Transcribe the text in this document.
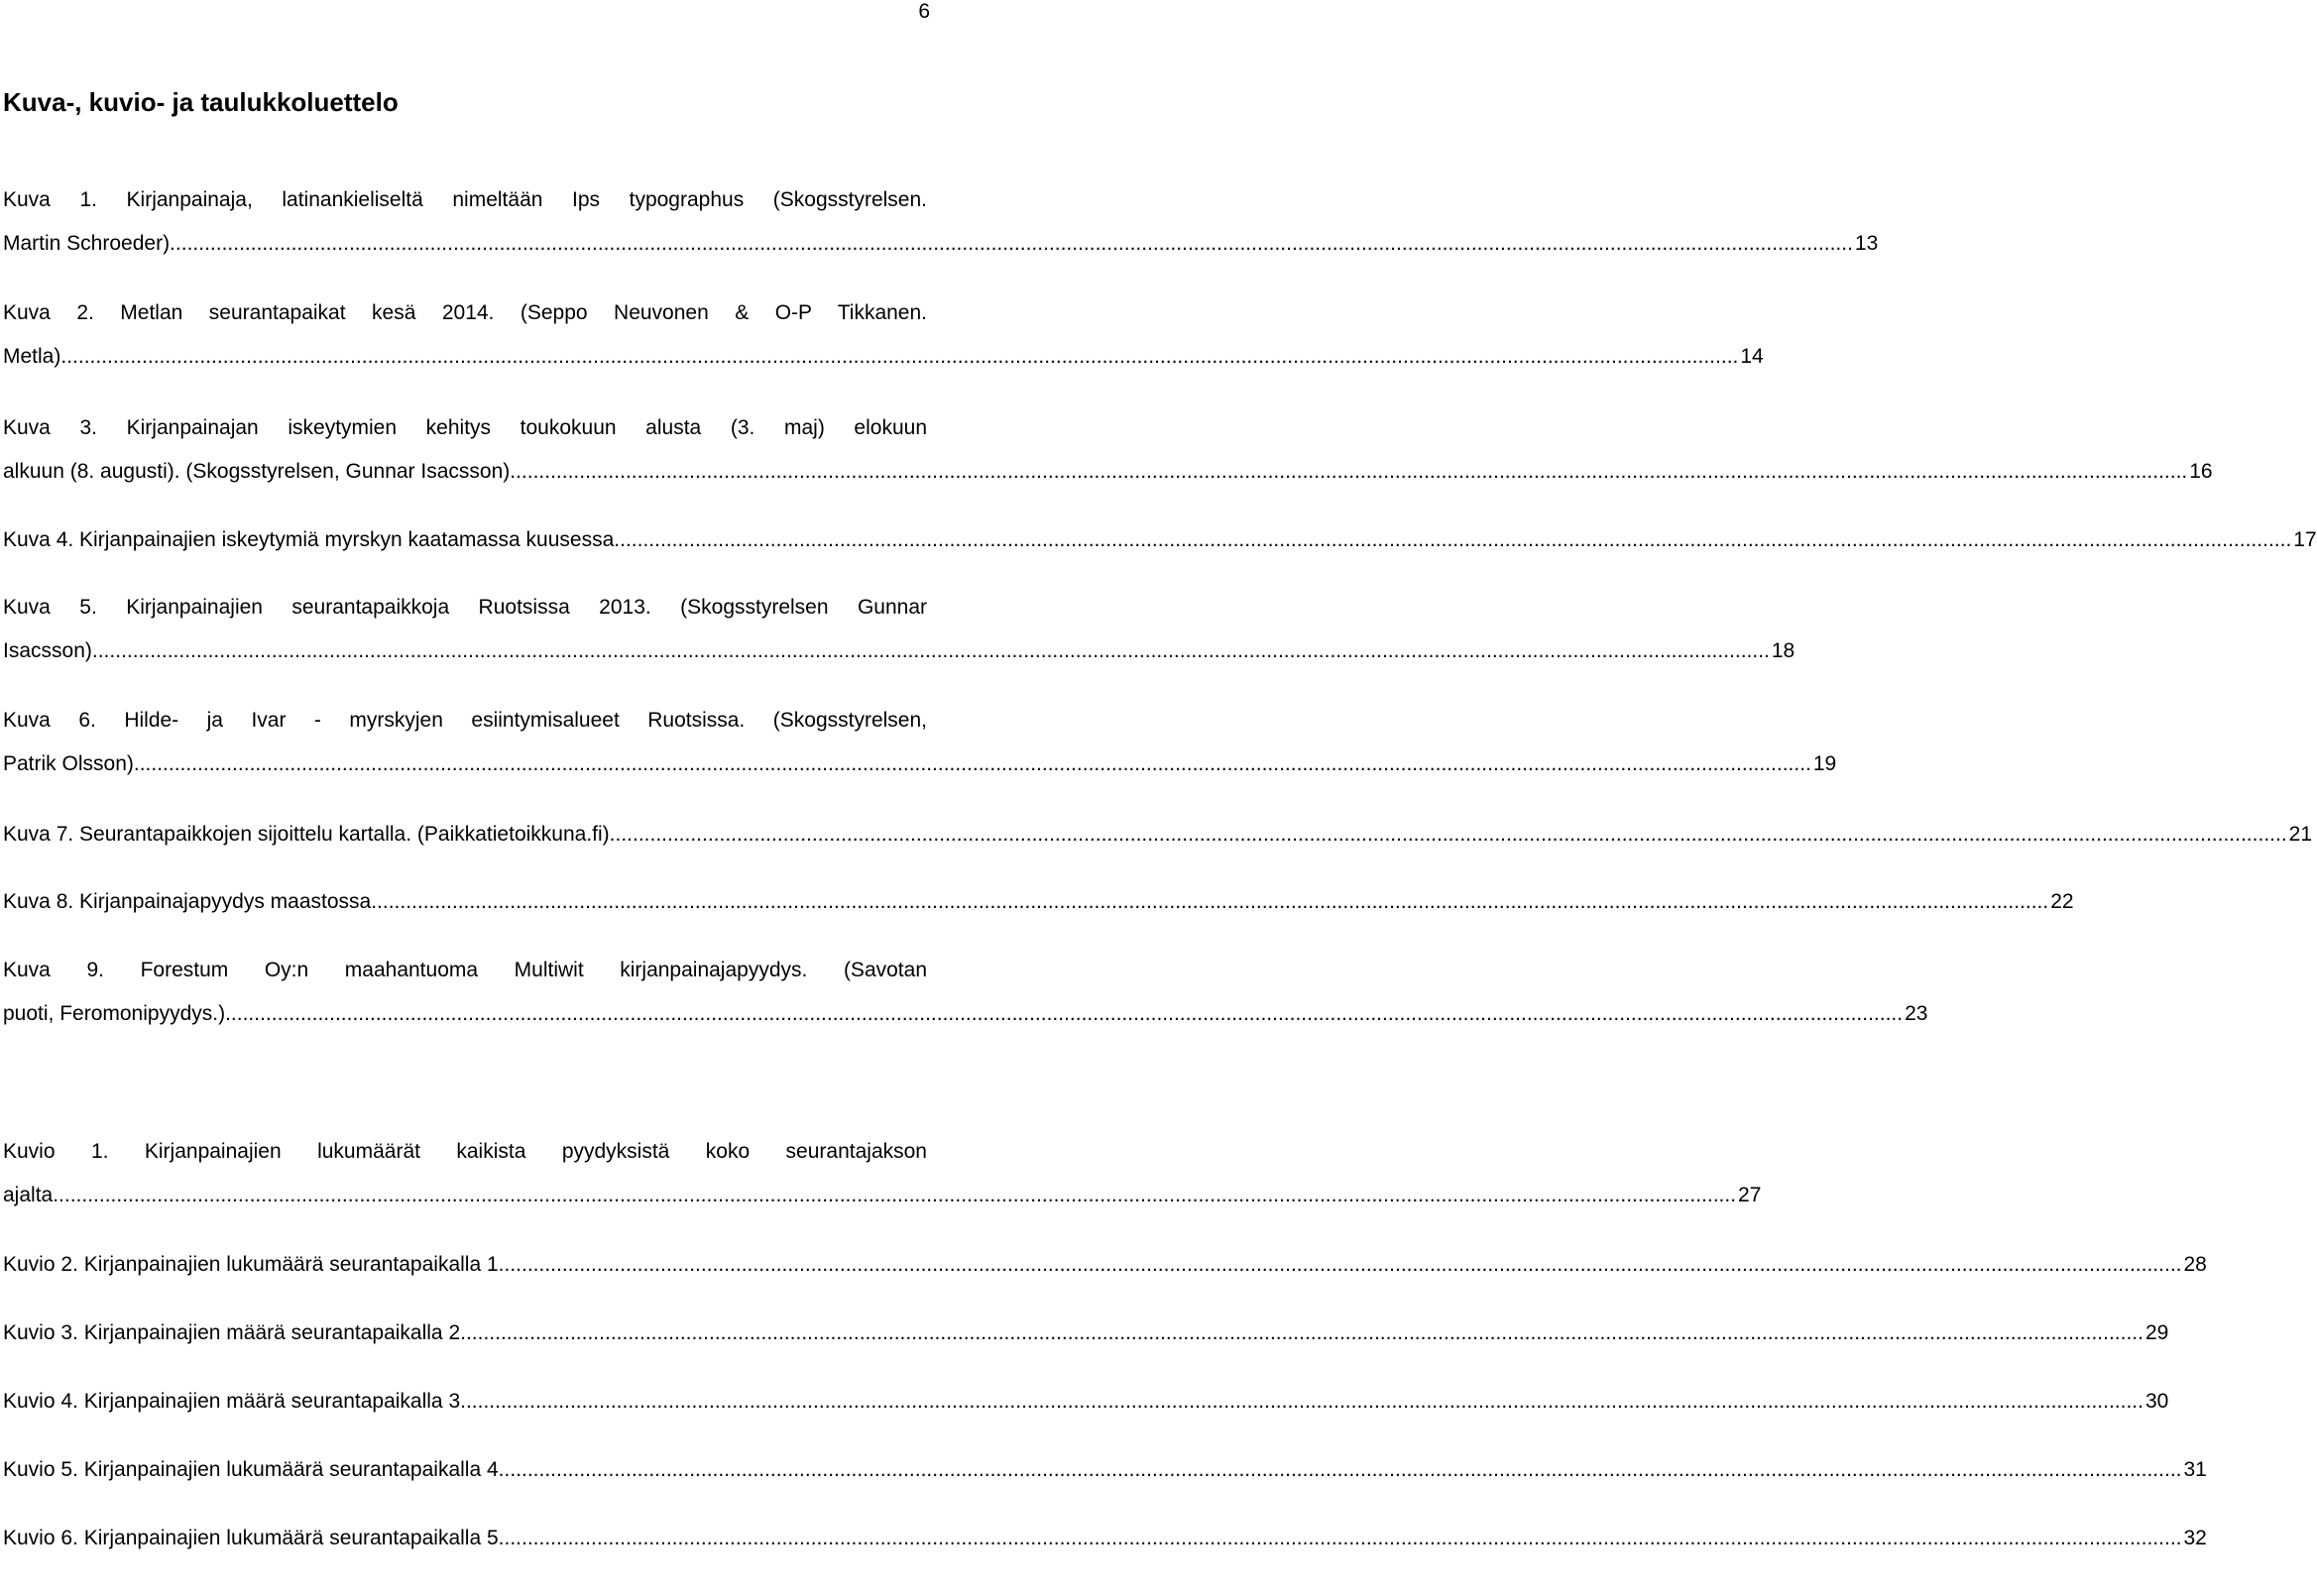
6
Kuva-, kuvio- ja taulukkoluettelo
Kuva 1. Kirjanpainaja, latinankieliseltä nimeltään Ips typographus (Skogsstyrelsen.
Martin Schroeder). .................................................................................................................................................................................................................................................................................................. 13
Kuva 2. Metlan seurantapaikat kesä 2014. (Seppo Neuvonen & O-P Tikkanen.
Metla) .................................................................................................................................................................................................................................................................................................. 14
Kuva 3. Kirjanpainajan iskeytymien kehitys toukokuun alusta (3. maj) elokuun
alkuun (8. augusti). (Skogsstyrelsen, Gunnar Isacsson) .................................................................................................................................................................................................................................................................................................. 16
Kuva 4. Kirjanpainajien iskeytymiä myrskyn kaatamassa kuusessa .................................................................................................................................................................................................................................................................................................. 17
Kuva 5. Kirjanpainajien seurantapaikkoja Ruotsissa 2013. (Skogsstyrelsen Gunnar
Isacsson) .................................................................................................................................................................................................................................................................................................. 18
Kuva 6. Hilde- ja Ivar - myrskyjen esiintymisalueet Ruotsissa. (Skogsstyrelsen,
Patrik Olsson) .................................................................................................................................................................................................................................................................................................. 19
Kuva 7. Seurantapaikkojen sijoittelu kartalla. (Paikkatietoikkuna.fi) .................................................................................................................................................................................................................................................................................................. 21
Kuva 8. Kirjanpainajapyydys maastossa .................................................................................................................................................................................................................................................................................................. 22
Kuva 9. Forestum Oy:n maahantuoma Multiwit kirjanpainajapyydys. (Savotan
puoti, Feromonipyydys.) .................................................................................................................................................................................................................................................................................................. 23
Kuvio 1. Kirjanpainajien lukumäärät kaikista pyydyksistä koko seurantajakson
ajalta. .................................................................................................................................................................................................................................................................................................. 27
Kuvio 2. Kirjanpainajien lukumäärä seurantapaikalla 1. .................................................................................................................................................................................................................................................................................................. 28
Kuvio 3. Kirjanpainajien määrä seurantapaikalla 2. .................................................................................................................................................................................................................................................................................................. 29
Kuvio 4. Kirjanpainajien määrä seurantapaikalla 3. .................................................................................................................................................................................................................................................................................................. 30
Kuvio 5. Kirjanpainajien lukumäärä seurantapaikalla 4. .................................................................................................................................................................................................................................................................................................. 31
Kuvio 6. Kirjanpainajien lukumäärä seurantapaikalla 5. .................................................................................................................................................................................................................................................................................................. 32
